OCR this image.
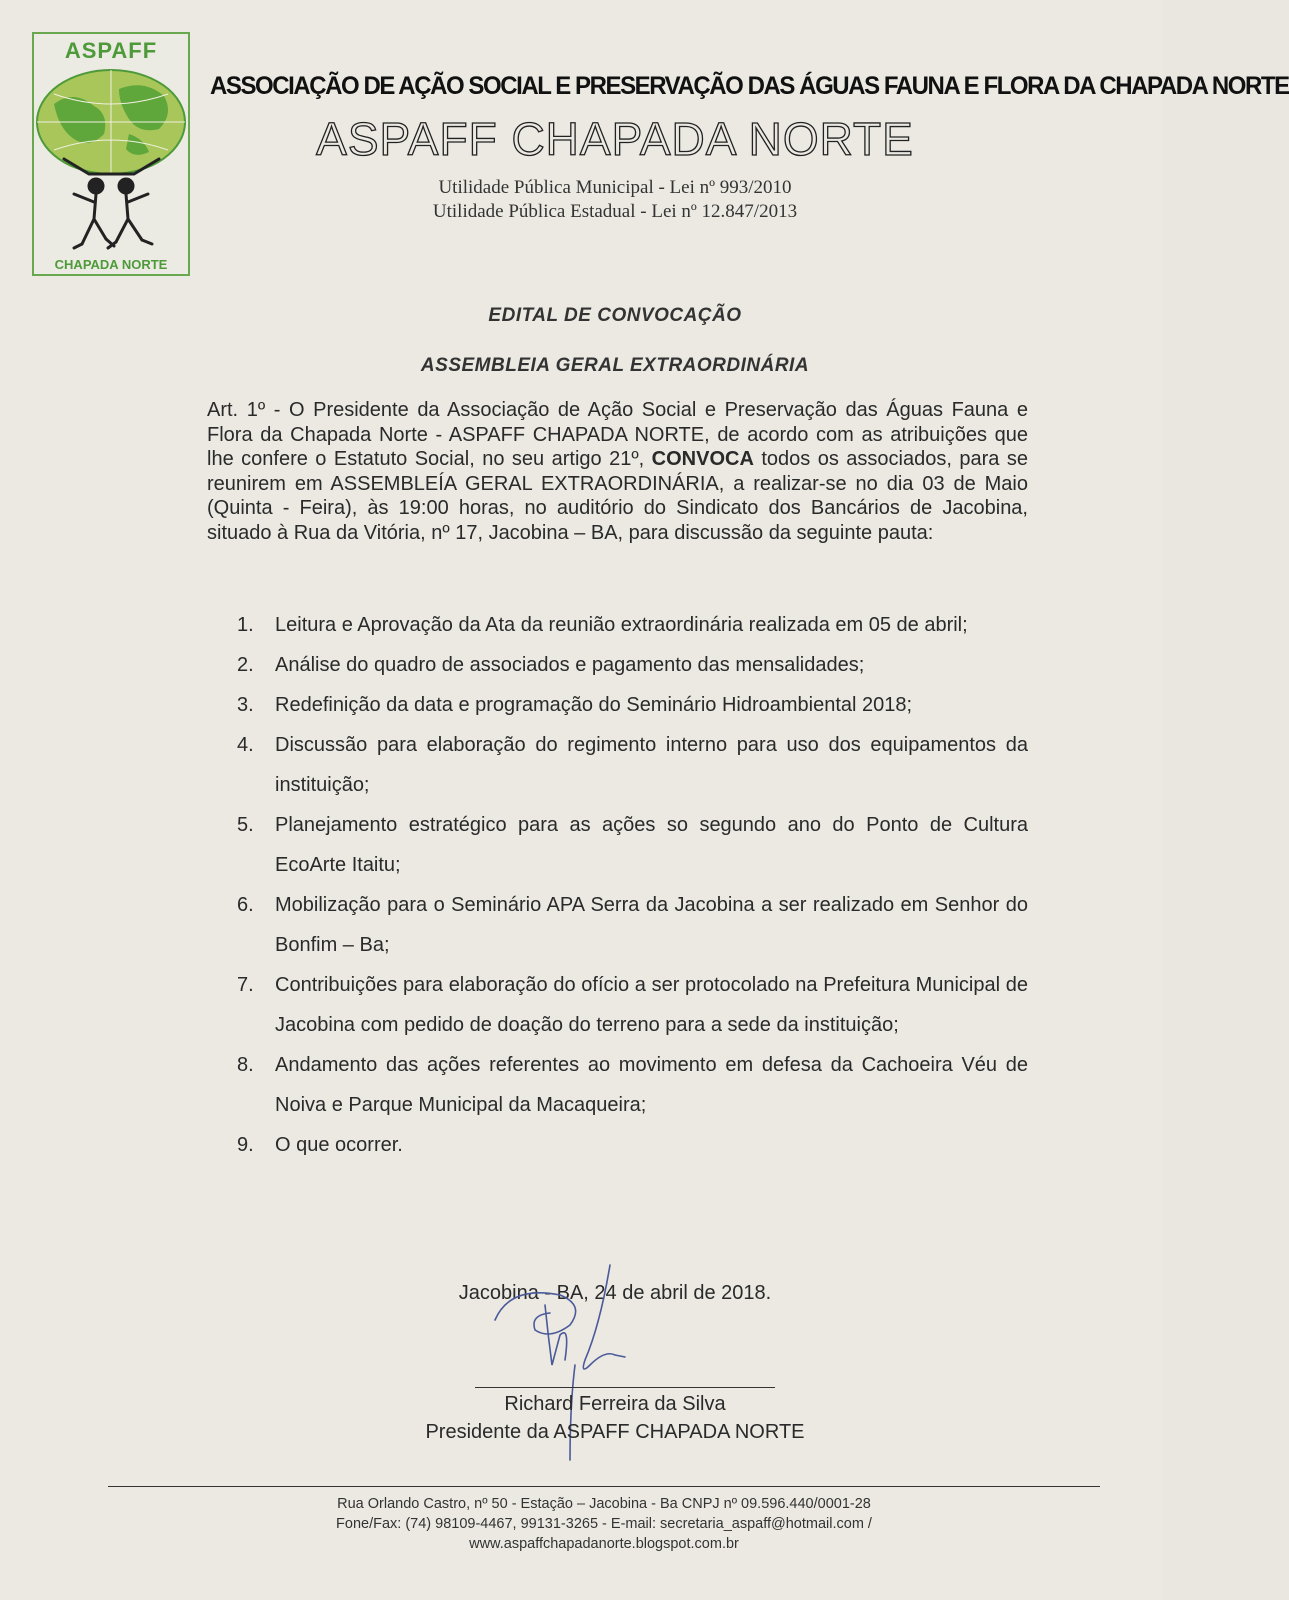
ASPAFF
CHAPADA NORTE
ASSOCIAÇÃO DE AÇÃO SOCIAL E PRESERVAÇÃO DAS ÁGUAS FAUNA E FLORA DA CHAPADA NORTE
ASPAFF CHAPADA NORTE
Utilidade Pública Municipal - Lei nº 993/2010
Utilidade Pública Estadual - Lei nº 12.847/2013
EDITAL DE CONVOCAÇÃO
ASSEMBLEIA GERAL EXTRAORDINÁRIA
Art. 1º - O Presidente da Associação de Ação Social e Preservação das Águas Fauna e Flora da Chapada Norte - ASPAFF CHAPADA NORTE, de acordo com as atribuições que lhe confere o Estatuto Social, no seu artigo 21º, CONVOCA todos os associados, para se reunirem em ASSEMBLEÍA GERAL EXTRAORDINÁRIA, a realizar-se no dia 03 de Maio (Quinta - Feira), às 19:00 horas, no auditório do Sindicato dos Bancários de Jacobina, situado à Rua da Vitória, nº 17, Jacobina – BA, para discussão da seguinte pauta:
1. Leitura e Aprovação da Ata da reunião extraordinária realizada em 05 de abril;
2. Análise do quadro de associados e pagamento das mensalidades;
3. Redefinição da data e programação do Seminário Hidroambiental 2018;
4. Discussão para elaboração do regimento interno para uso dos equipamentos da instituição;
5. Planejamento estratégico para as ações so segundo ano do Ponto de Cultura EcoArte Itaitu;
6. Mobilização para o Seminário APA Serra da Jacobina a ser realizado em Senhor do Bonfim – Ba;
7. Contribuições para elaboração do ofício a ser protocolado na Prefeitura Municipal de Jacobina com pedido de doação do terreno para a sede da instituição;
8. Andamento das ações referentes ao movimento em defesa da Cachoeira Véu de Noiva e Parque Municipal da Macaqueira;
9. O que ocorrer.
Jacobina - BA, 24 de abril de 2018.
Richard Ferreira da Silva
Presidente da ASPAFF CHAPADA NORTE
Rua Orlando Castro, nº 50 - Estação – Jacobina - Ba CNPJ nº 09.596.440/0001-28
Fone/Fax: (74) 98109-4467, 99131-3265 - E-mail: secretaria_aspaff@hotmail.com /
www.aspaffchapadanorte.blogspot.com.br
